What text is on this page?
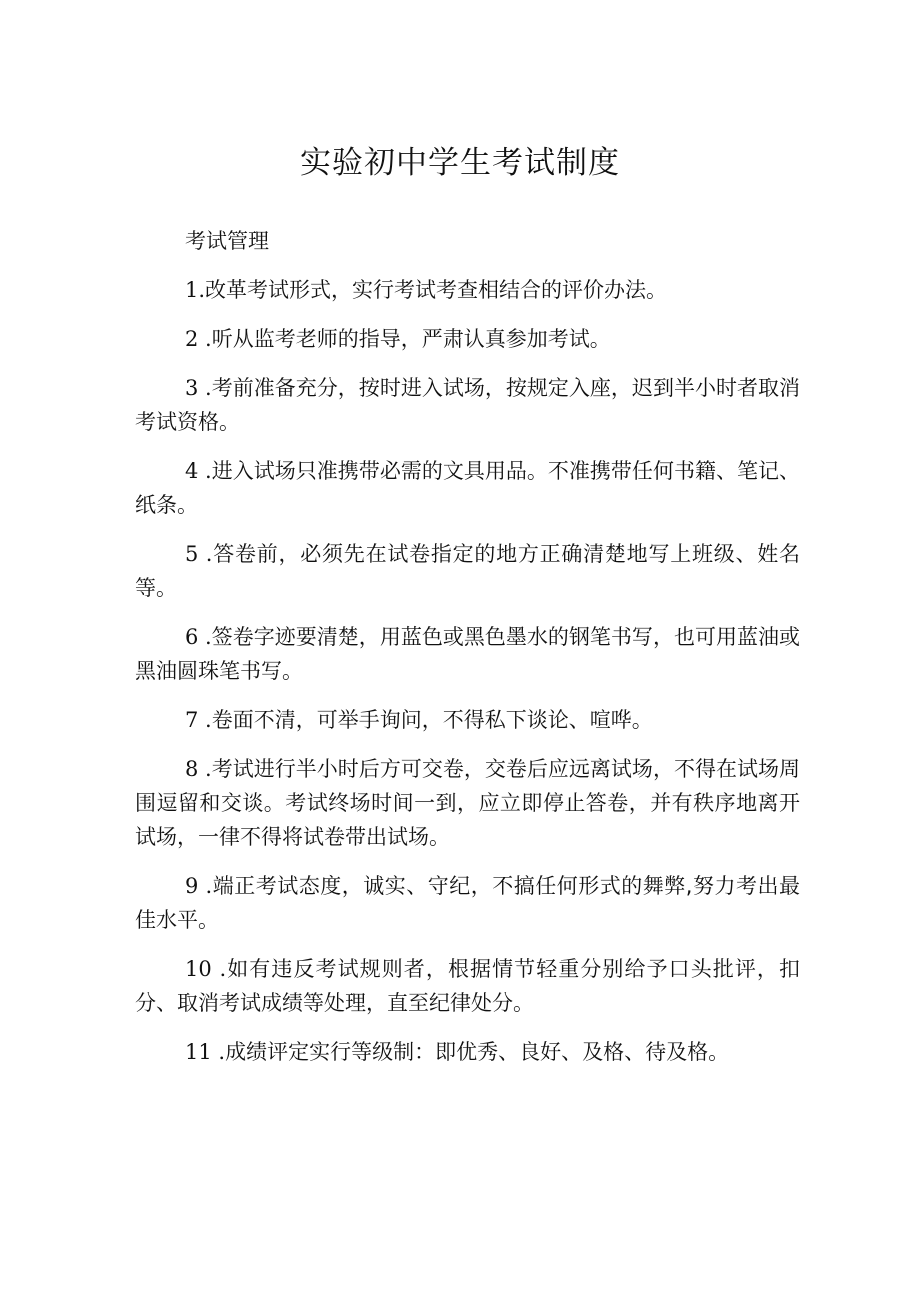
实验初中学生考试制度

考试管理

1.改革考试形式，实行考试考查相结合的评价办法。

2 .听从监考老师的指导，严肃认真参加考试。

3 .考前准备充分，按时进入试场，按规定入座，迟到半小时者取消考试资格。

4 .进入试场只准携带必需的文具用品。不准携带任何书籍、笔记、纸条。

5 .答卷前，必须先在试卷指定的地方正确清楚地写上班级、姓名等。

6 .签卷字迹要清楚，用蓝色或黑色墨水的钢笔书写，也可用蓝油或黑油圆珠笔书写。

7 .卷面不清，可举手询问，不得私下谈论、喧哗。

8 .考试进行半小时后方可交卷，交卷后应远离试场，不得在试场周围逗留和交谈。考试终场时间一到，应立即停止答卷，并有秩序地离开试场，一律不得将试卷带出试场。

9 .端正考试态度，诚实、守纪，不搞任何形式的舞弊,努力考出最佳水平。

10 .如有违反考试规则者，根据情节轻重分别给予口头批评，扣分、取消考试成绩等处理，直至纪律处分。

11 .成绩评定实行等级制：即优秀、良好、及格、待及格。
